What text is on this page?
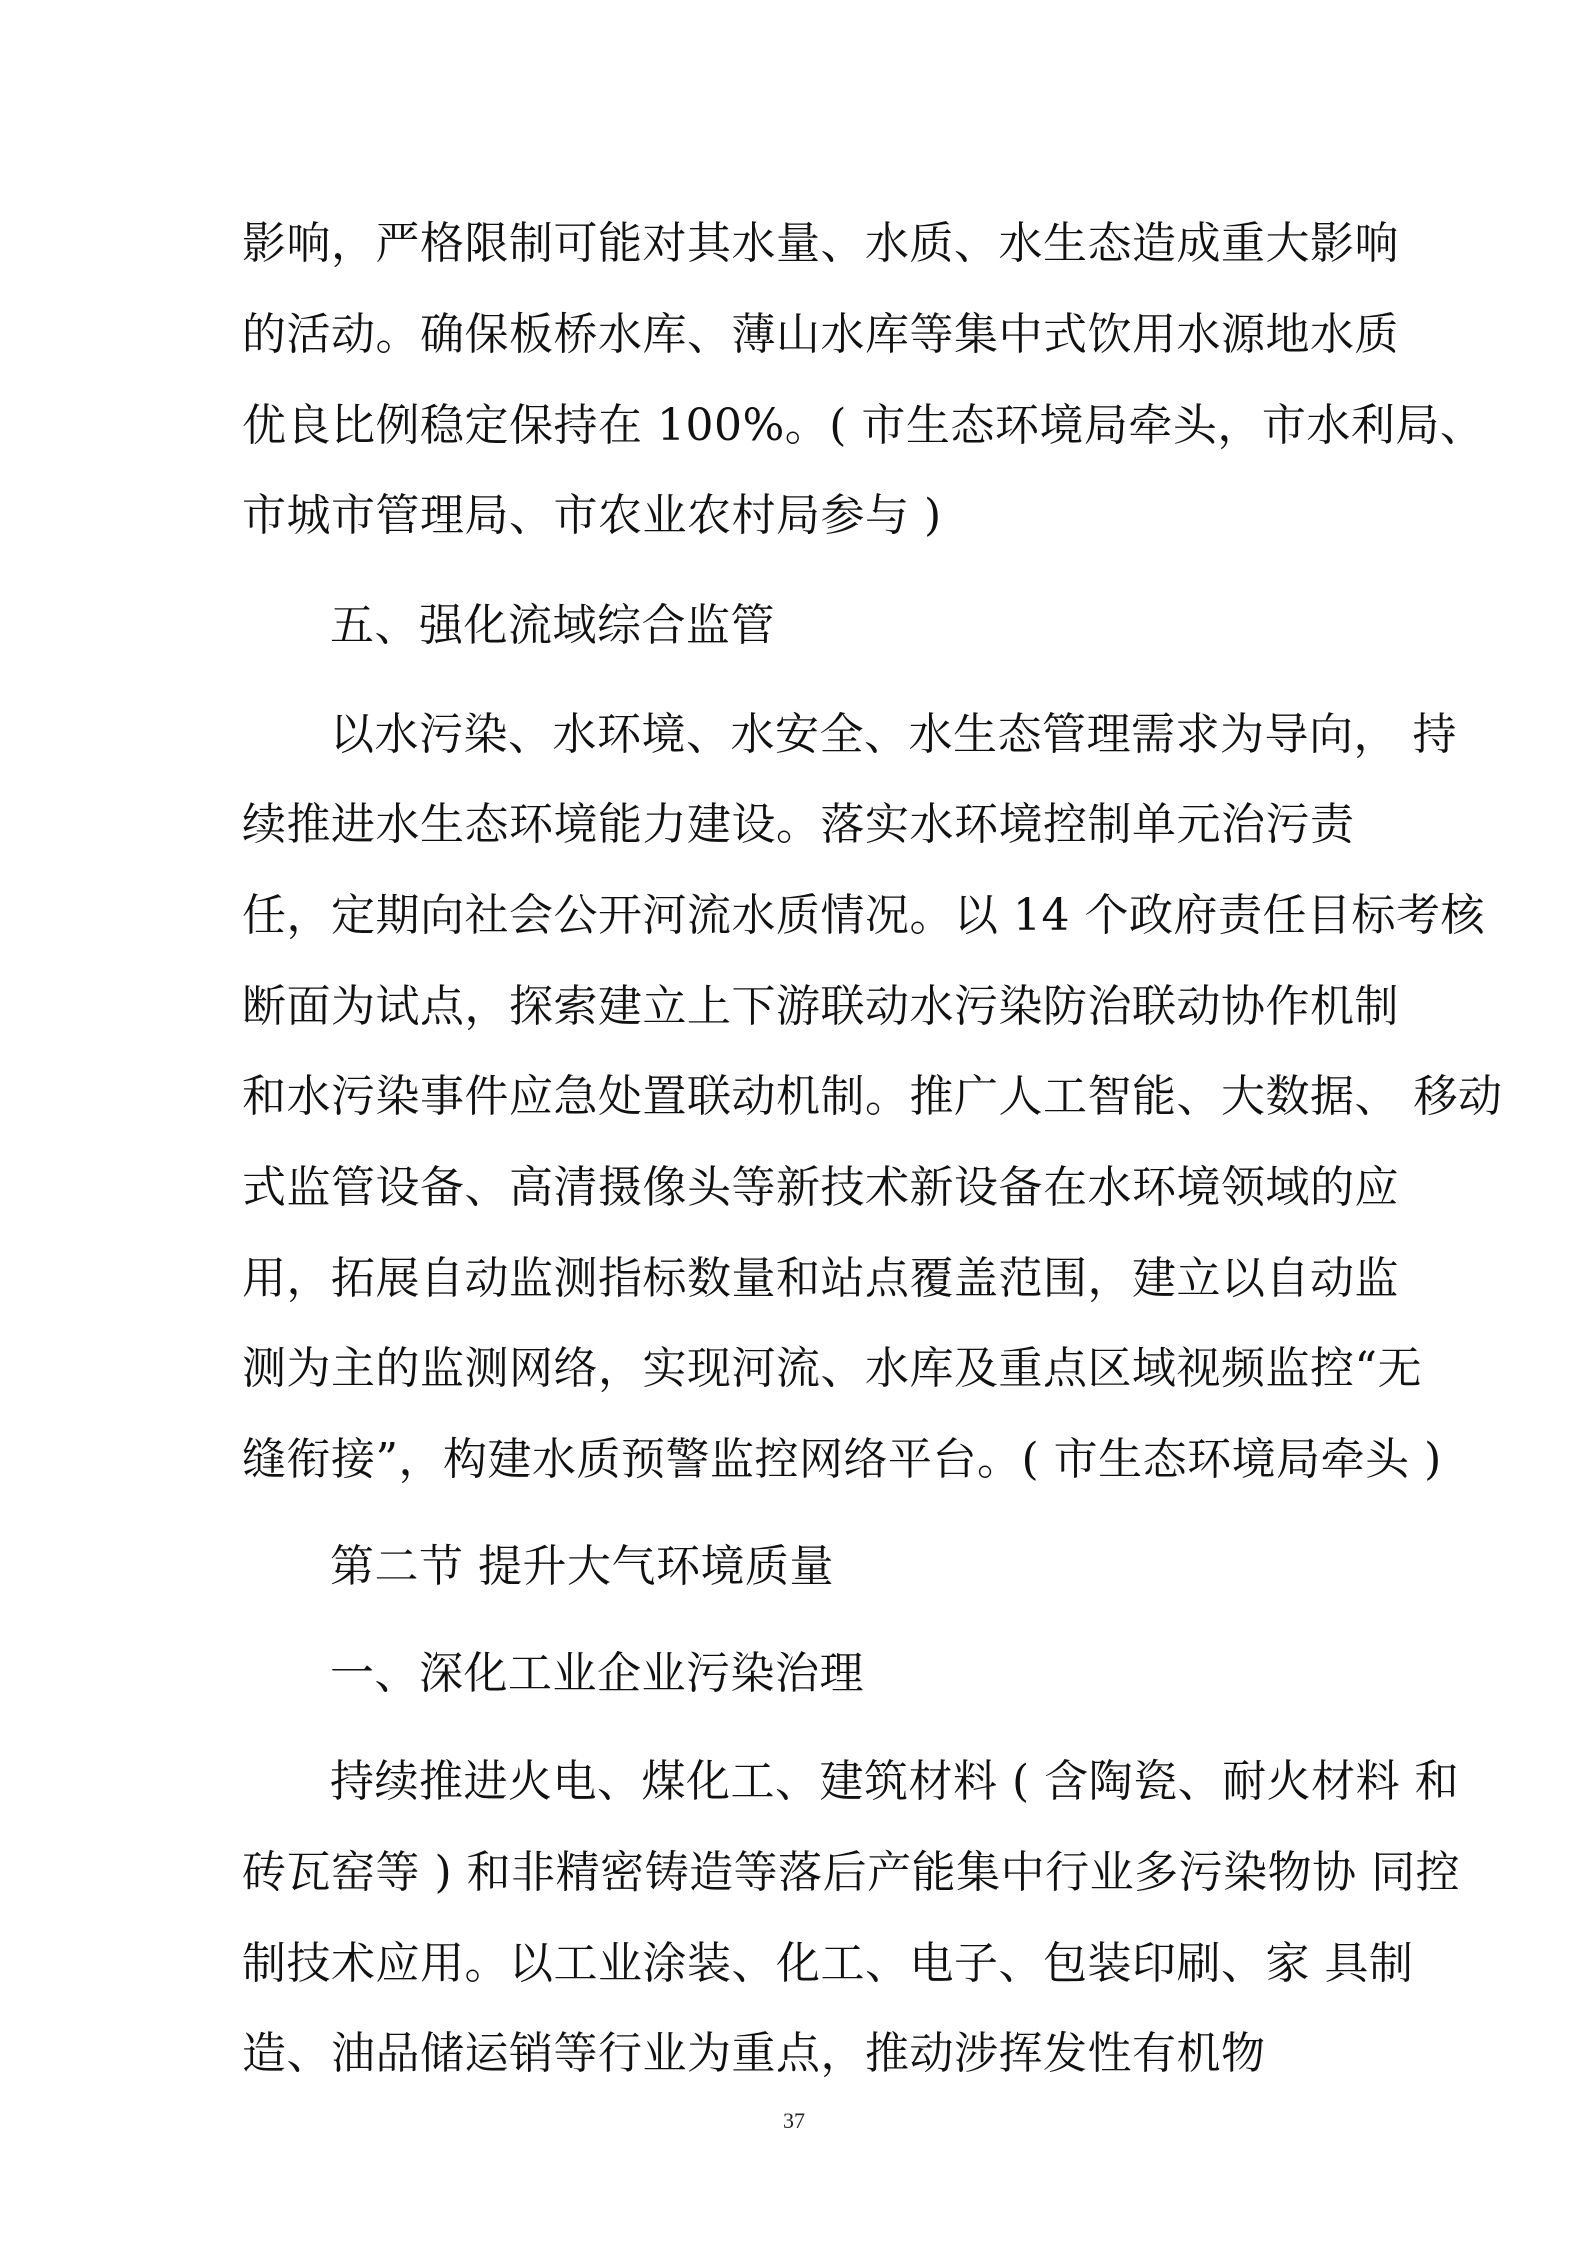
影响，严格限制可能对其水量、水质、水生态造成重大影响
的活动。确保板桥水库、薄山水库等集中式饮用水源地水质
优良比例稳定保持在 100%。( 市生态环境局牵头，市水利局、
市城市管理局、市农业农村局参与 )
五、强化流域综合监管
以水污染、水环境、水安全、水生态管理需求为导向， 持
续推进水生态环境能力建设。落实水环境控制单元治污责
任，定期向社会公开河流水质情况。以 14 个政府责任目标考核
断面为试点，探索建立上下游联动水污染防治联动协作机制
和水污染事件应急处置联动机制。推广人工智能、大数据、 移动
式监管设备、高清摄像头等新技术新设备在水环境领域的应
用，拓展自动监测指标数量和站点覆盖范围，建立以自动监
测为主的监测网络，实现河流、水库及重点区域视频监控“无
缝衔接”，构建水质预警监控网络平台。( 市生态环境局牵头 )
第二节 提升大气环境质量
一、深化工业企业污染治理
持续推进火电、煤化工、建筑材料 ( 含陶瓷、耐火材料 和
砖瓦窑等 ) 和非精密铸造等落后产能集中行业多污染物协 同控
制技术应用。以工业涂装、化工、电子、包装印刷、家 具制
造、油品储运销等行业为重点，推动涉挥发性有机物
37
